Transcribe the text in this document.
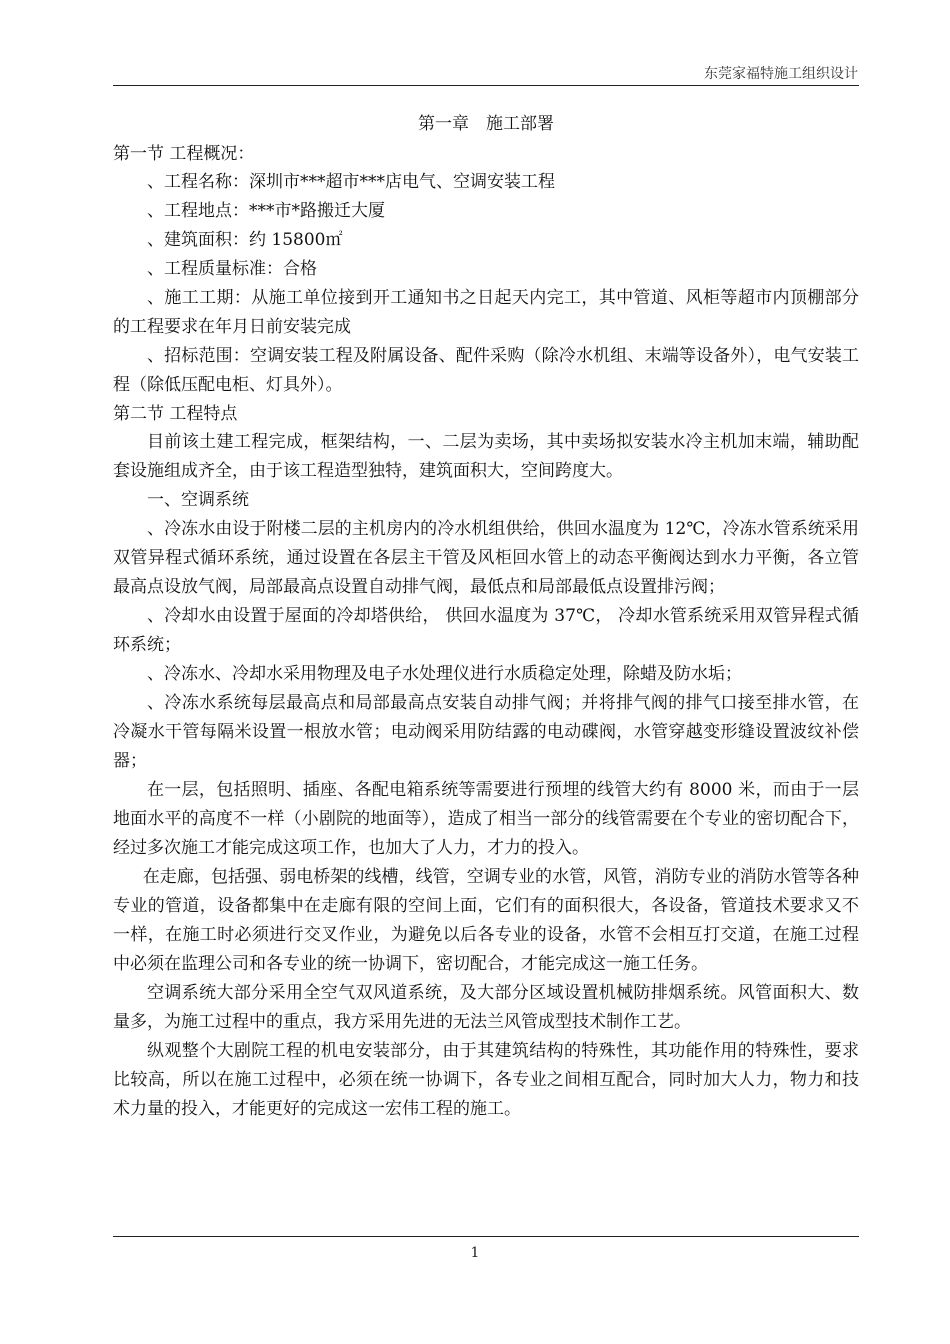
东莞家福特施工组织设计
第一章　施工部署
第一节 工程概况：

、工程名称：深圳市***超市***店电气、空调安装工程

、工程地点：***市*路搬迁大厦

、建筑面积：约 15800㎡

、工程质量标准：合格

、施工工期：从施工单位接到开工通知书之日起天内完工，其中管道、风柜等超市内顶棚部分的工程要求在年月日前安装完成

、招标范围：空调安装工程及附属设备、配件采购（除冷水机组、末端等设备外），电气安装工程（除低压配电柜、灯具外）。

第二节 工程特点

目前该土建工程完成，框架结构，一、二层为卖场，其中卖场拟安装水冷主机加末端，辅助配套设施组成齐全，由于该工程造型独特，建筑面积大，空间跨度大。

一、空调系统

、冷冻水由设于附楼二层的主机房内的冷水机组供给，供回水温度为 12℃，冷冻水管系统采用双管异程式循环系统，通过设置在各层主干管及风柜回水管上的动态平衡阀达到水力平衡，各立管最高点设放气阀，局部最高点设置自动排气阀，最低点和局部最低点设置排污阀；

、冷却水由设置于屋面的冷却塔供给， 供回水温度为 37℃， 冷却水管系统采用双管异程式循环系统；

、冷冻水、冷却水采用物理及电子水处理仪进行水质稳定处理，除蜡及防水垢；

、冷冻水系统每层最高点和局部最高点安装自动排气阀；并将排气阀的排气口接至排水管，在冷凝水干管每隔米设置一根放水管；电动阀采用防结露的电动碟阀，水管穿越变形缝设置波纹补偿器；

在一层，包括照明、插座、各配电箱系统等需要进行预埋的线管大约有 8000 米，而由于一层地面水平的高度不一样（小剧院的地面等），造成了相当一部分的线管需要在个专业的密切配合下，经过多次施工才能完成这项工作，也加大了人力，才力的投入。

在走廊，包括强、弱电桥架的线槽，线管，空调专业的水管，风管，消防专业的消防水管等各种专业的管道，设备都集中在走廊有限的空间上面，它们有的面积很大，各设备，管道技术要求又不一样，在施工时必须进行交叉作业，为避免以后各专业的设备，水管不会相互打交道，在施工过程中必须在监理公司和各专业的统一协调下，密切配合，才能完成这一施工任务。

空调系统大部分采用全空气双风道系统，及大部分区域设置机械防排烟系统。风管面积大、数量多，为施工过程中的重点，我方采用先进的无法兰风管成型技术制作工艺。

纵观整个大剧院工程的机电安装部分，由于其建筑结构的特殊性，其功能作用的特殊性，要求比较高，所以在施工过程中，必须在统一协调下，各专业之间相互配合，同时加大人力，物力和技术力量的投入，才能更好的完成这一宏伟工程的施工。

1
